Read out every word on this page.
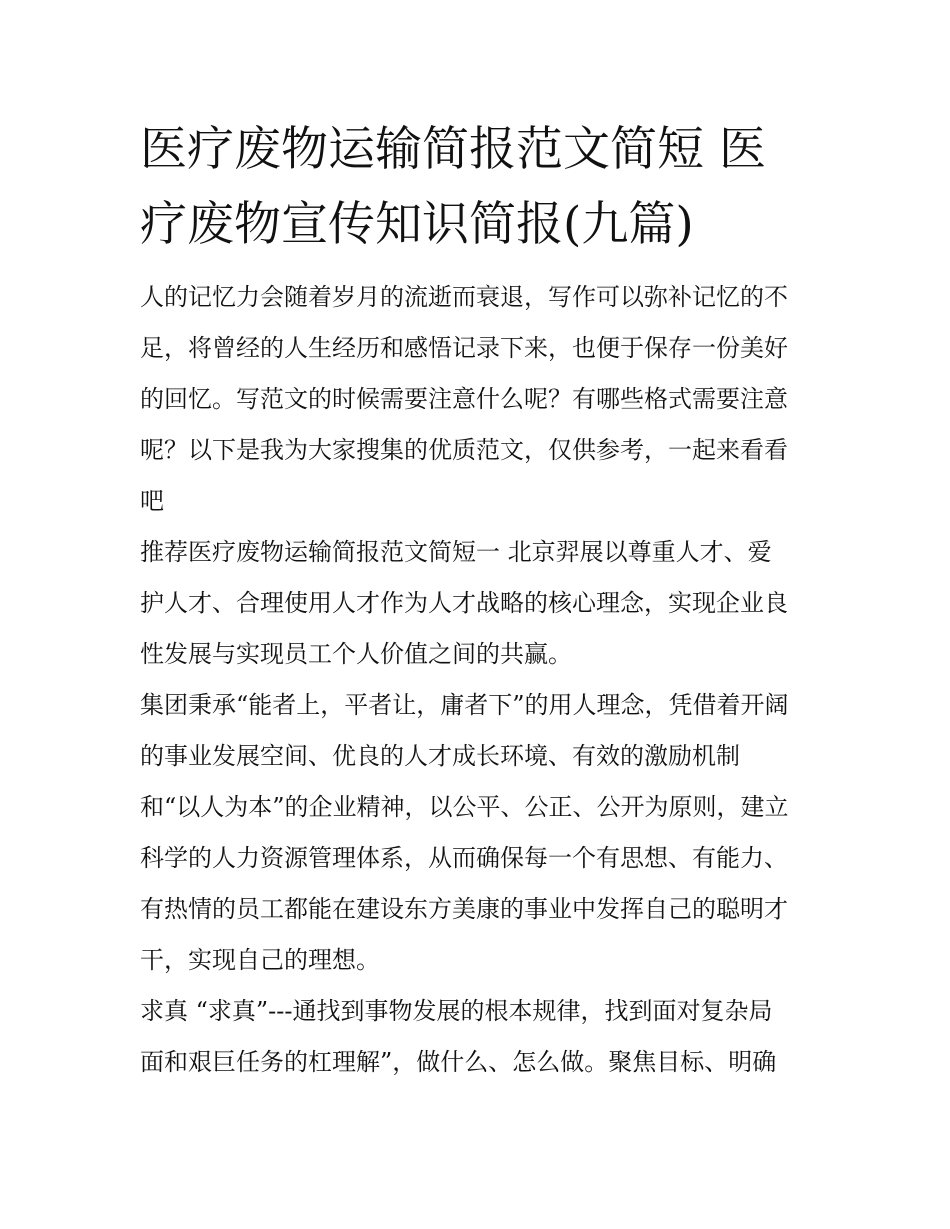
医疗废物运输简报范文简短 医
疗废物宣传知识简报(九篇)

人的记忆力会随着岁月的流逝而衰退，写作可以弥补记忆的不
足，将曾经的人生经历和感悟记录下来，也便于保存一份美好
的回忆。写范文的时候需要注意什么呢？有哪些格式需要注意
呢？以下是我为大家搜集的优质范文，仅供参考，一起来看看
吧

推荐医疗废物运输简报范文简短一 北京羿展以尊重人才、爱
护人才、合理使用人才作为人才战略的核心理念，实现企业良
性发展与实现员工个人价值之间的共赢。

集团秉承“能者上，平者让，庸者下”的用人理念，凭借着开阔
的事业发展空间、优良的人才成长环境、有效的激励机制
和“以人为本”的企业精神，以公平、公正、公开为原则，建立
科学的人力资源管理体系，从而确保每一个有思想、有能力、
有热情的员工都能在建设东方美康的事业中发挥自己的聪明才
干，实现自己的理想。

求真 “求真”---通找到事物发展的根本规律，找到面对复杂局
面和艰巨任务的杠理解”，做什么、怎么做。聚焦目标、明确
